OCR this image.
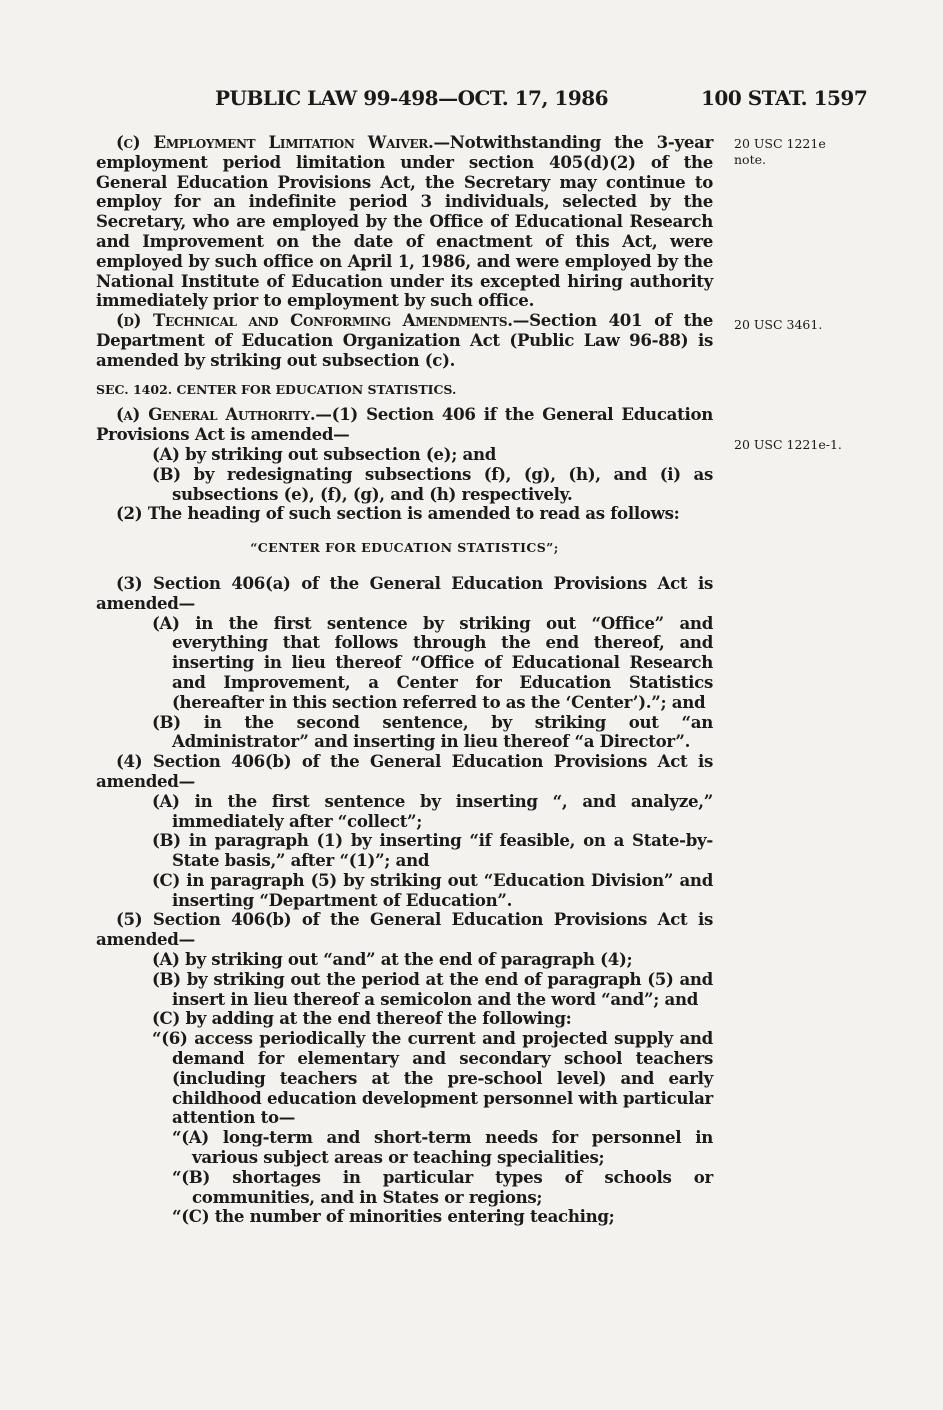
PUBLIC LAW 99-498—OCT. 17, 1986	100 STAT. 1597
20 USC 1221e
note.
20 USC 3461.
20 USC 1221e-1.

(c) Employment Limitation Waiver.—Notwithstanding the 3-year employment period limitation under section 405(d)(2) of the General Education Provisions Act, the Secretary may continue to employ for an indefinite period 3 individuals, selected by the Secretary, who are employed by the Office of Educational Research and Improvement on the date of enactment of this Act, were employed by such office on April 1, 1986, and were employed by the National Institute of Education under its excepted hiring authority immediately prior to employment by such office.

(d) Technical and Conforming Amendments.—Section 401 of the Department of Education Organization Act (Public Law 96-88) is amended by striking out subsection (c).

SEC. 1402. CENTER FOR EDUCATION STATISTICS.

(a) General Authority.—(1) Section 406 if the General Education Provisions Act is amended—

(A) by striking out subsection (e); and

(B) by redesignating subsections (f), (g), (h), and (i) as subsections (e), (f), (g), and (h) respectively.

(2) The heading of such section is amended to read as follows:

“CENTER FOR EDUCATION STATISTICS”;

(3) Section 406(a) of the General Education Provisions Act is amended—

(A) in the first sentence by striking out “Office” and everything that follows through the end thereof, and inserting in lieu thereof “Office of Educational Research and Improvement, a Center for Education Statistics (hereafter in this section referred to as the ‘Center’).”; and

(B) in the second sentence, by striking out “an Administrator” and inserting in lieu thereof “a Director”.

(4) Section 406(b) of the General Education Provisions Act is amended—

(A) in the first sentence by inserting “, and analyze,” immediately after “collect”;

(B) in paragraph (1) by inserting “if feasible, on a State-by-State basis,” after “(1)”; and

(C) in paragraph (5) by striking out “Education Division” and inserting “Department of Education”.

(5) Section 406(b) of the General Education Provisions Act is amended—

(A) by striking out “and” at the end of paragraph (4);

(B) by striking out the period at the end of paragraph (5) and insert in lieu thereof a semicolon and the word “and”; and

(C) by adding at the end thereof the following:

“(6) access periodically the current and projected supply and demand for elementary and secondary school teachers (including teachers at the pre-school level) and early childhood education development personnel with particular attention to—

“(A) long-term and short-term needs for personnel in various subject areas or teaching specialities;

“(B) shortages in particular types of schools or communities, and in States or regions;

“(C) the number of minorities entering teaching;
